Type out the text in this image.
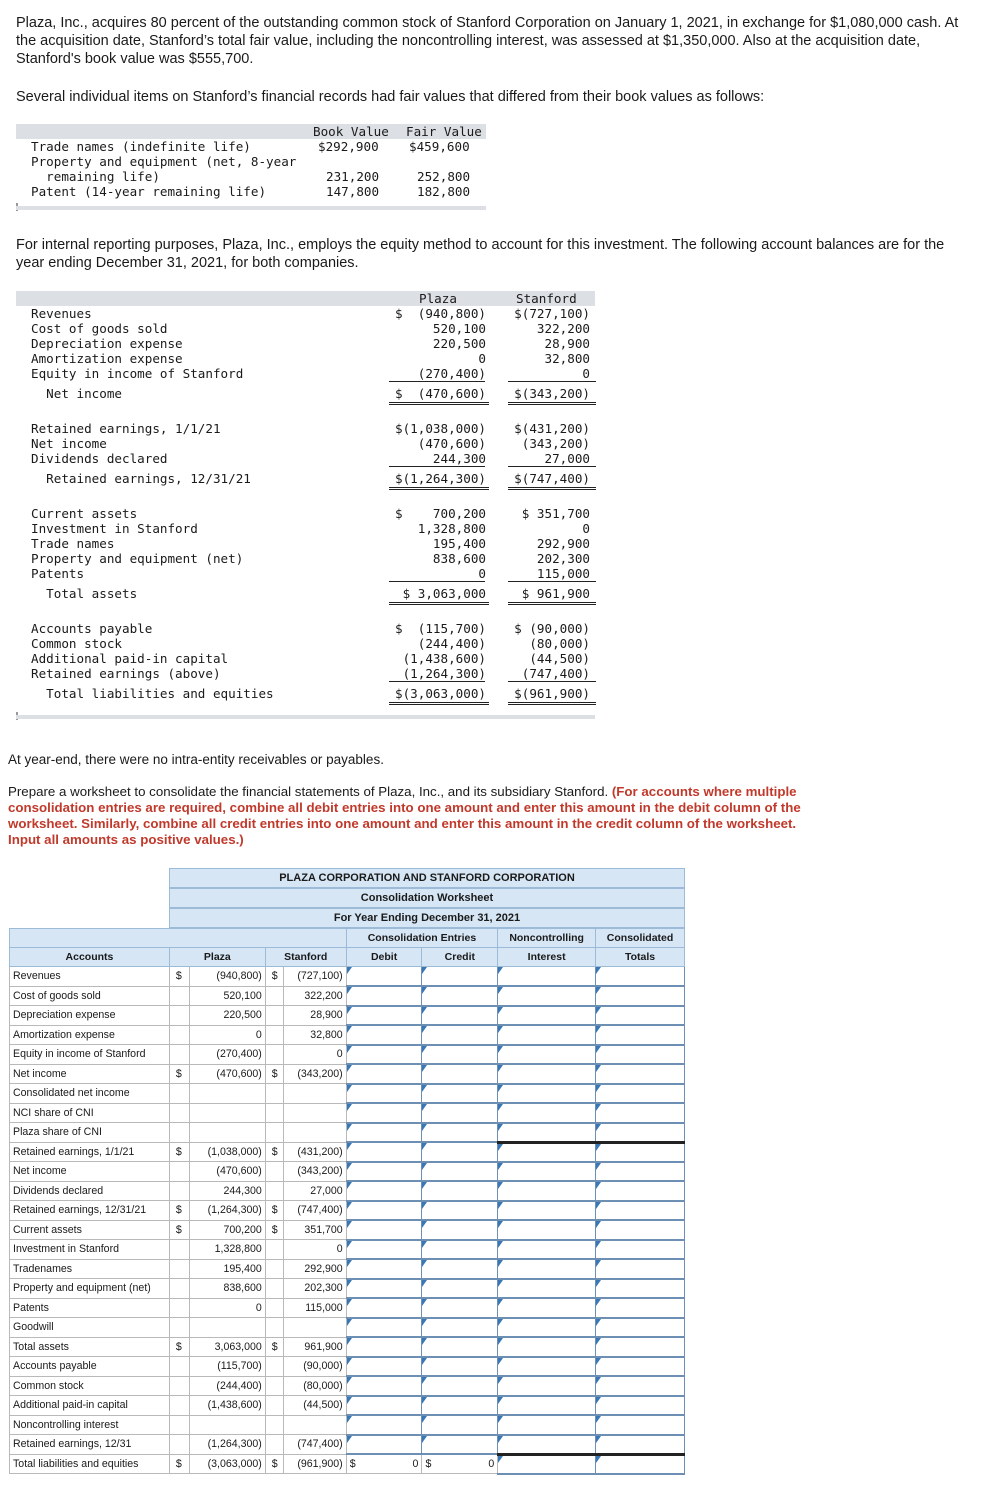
Plaza, Inc., acquires 80 percent of the outstanding common stock of Stanford Corporation on January 1, 2021, in exchange for $1,080,000 cash. At the acquisition date, Stanford’s total fair value, including the noncontrolling interest, was assessed at $1,350,000. Also at the acquisition date, Stanford's book value was $555,700.
Several individual items on Stanford’s financial records had fair values that differed from their book values as follows:
Book Value Fair Value
Trade names (indefinite life)	$292,900 $459,600
Property and equipment (net, 8-year
remaining life)	231,200	252,800
Patent (14-year remaining life)	147,800	182,800
For internal reporting purposes, Plaza, Inc., employs the equity method to account for this investment. The following account balances are for the year ending December 31, 2021, for both companies.
Plaza	Stanford
Revenues	$  (940,800) $(727,100)
Cost of goods sold	520,100	322,200
Depreciation expense	220,500	28,900
Amortization expense	0	32,800
Equity in income of Stanford	(270,400)	0
Net income	$  (470,600) $(343,200)
Retained earnings, 1/1/21	$(1,038,000) $(431,200)
Net income	(470,600)	(343,200)
Dividends declared	244,300	27,000
Retained earnings, 12/31/21	$(1,264,300) $(747,400)
Current assets	$    700,200	$ 351,700
Investment in Stanford	1,328,800	0
Trade names	195,400	292,900
Property and equipment (net)	838,600	202,300
Patents	0	115,000
Total assets	$ 3,063,000	$ 961,900
Accounts payable	$  (115,700) $ (90,000)
Common stock	(244,400)	(80,000)
Additional paid-in capital	(1,438,600)	(44,500)
Retained earnings (above)	(1,264,300)	(747,400)
Total liabilities and equities	$(3,063,000) $(961,900)
At year-end, there were no intra-entity receivables or payables.
Prepare a worksheet to consolidate the financial statements of Plaza, Inc., and its subsidiary Stanford. (For accounts where multiple consolidation entries are required, combine all debit entries into one amount and enter this amount in the debit column of the worksheet. Similarly, combine all credit entries into one amount and enter this amount in the credit column of the worksheet. Input all amounts as positive values.)
PLAZA CORPORATION AND STANFORD CORPORATION
Consolidation Worksheet
For Year Ending December 31, 2021
					Consolidation Entries		Noncontrolling	Consolidated
Accounts	Plaza		Stanford		Debit	Credit	Interest	Totals
Revenues	$	(940,800)	$	(727,100)				
Cost of goods sold		520,100		322,200				
Depreciation expense		220,500		28,900				
Amortization expense		0		32,800				
Equity in income of Stanford		(270,400)		0				
Net income	$	(470,600)	$	(343,200)				
Consolidated net income								
NCI share of CNI								
Plaza share of CNI								
Retained earnings, 1/1/21	$	(1,038,000)	$	(431,200)				
Net income		(470,600)		(343,200)				
Dividends declared		244,300		27,000				
Retained earnings, 12/31/21	$	(1,264,300)	$	(747,400)				
Current assets	$	700,200	$	351,700				
Investment in Stanford		1,328,800		0				
Tradenames		195,400		292,900				
Property and equipment (net)		838,600		202,300				
Patents		0		115,000				
Goodwill								
Total assets	$	3,063,000	$	961,900				
Accounts payable		(115,700)		(90,000)				
Common stock		(244,400)		(80,000)				
Additional paid-in capital		(1,438,600)		(44,500)				
Noncontrolling interest								
Retained earnings, 12/31		(1,264,300)		(747,400)				
Total liabilities and equities	$	(3,063,000)	$	(961,900)	$ 0	$ 0		
